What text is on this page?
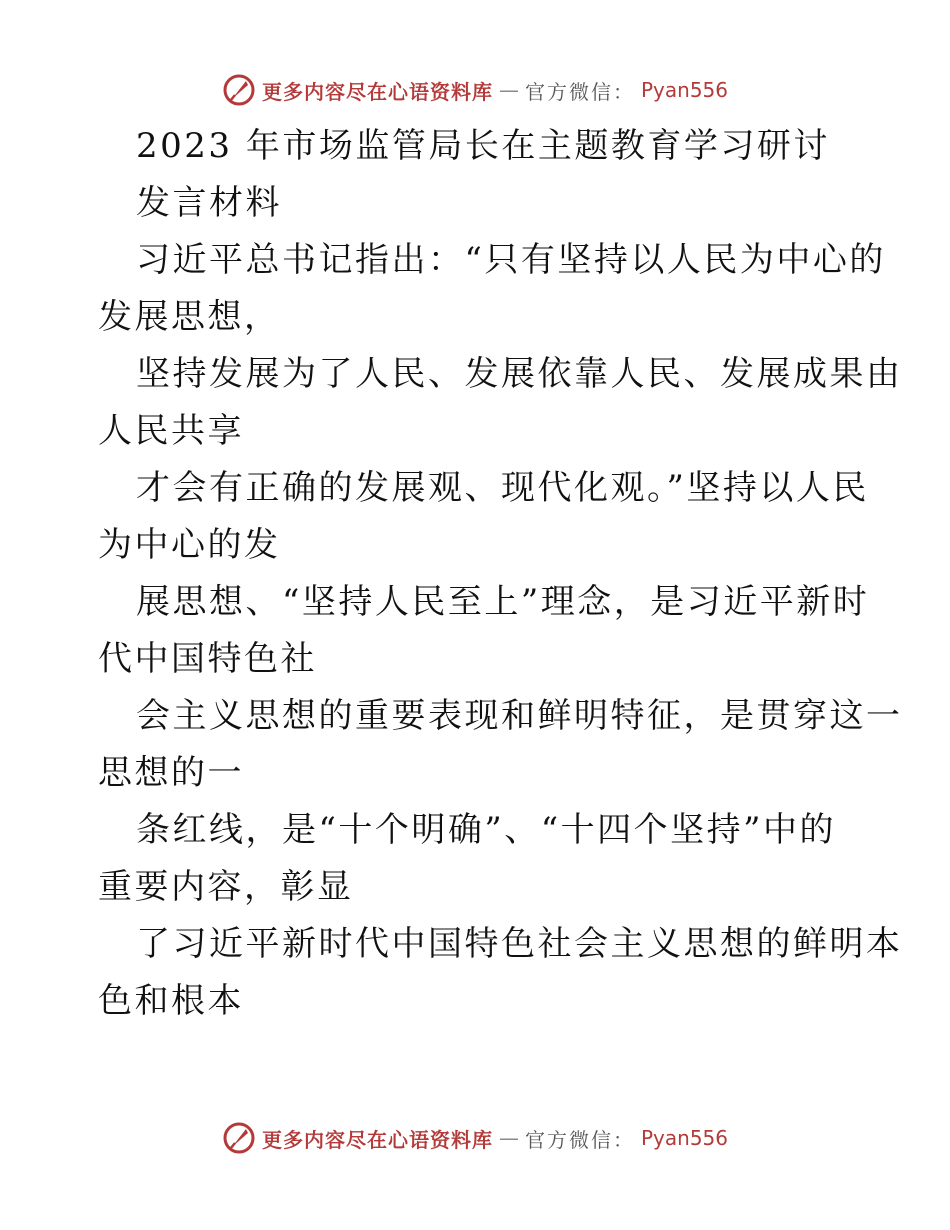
更多内容尽在心语资料库 — 官方微信： Pyan556
2023 年市场监管局长在主题教育学习研讨
发言材料
习近平总书记指出：“只有坚持以人民为中心的
发展思想，
坚持发展为了人民、发展依靠人民、发展成果由
人民共享
才会有正确的发展观、现代化观。”坚持以人民
为中心的发
展思想、“坚持人民至上”理念，是习近平新时
代中国特色社
会主义思想的重要表现和鲜明特征，是贯穿这一
思想的一
条红线，是“十个明确”、“十四个坚持”中的
重要内容，彰显
了习近平新时代中国特色社会主义思想的鲜明本
色和根本
更多内容尽在心语资料库 — 官方微信： Pyan556
